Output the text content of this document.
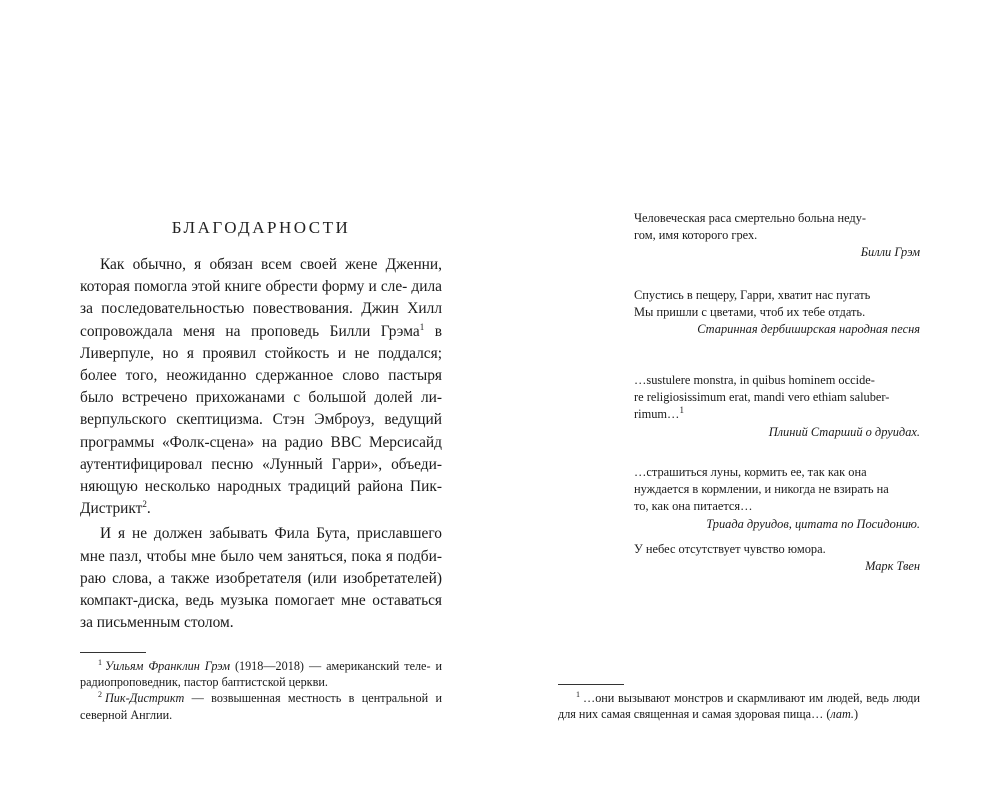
БЛАГОДАРНОСТИ

Как обычно, я обязан всем своей жене Дженни, которая помогла этой книге обрести форму и сле- дила за последовательностью повествования. Джин Хилл сопровождала меня на проповедь Билли Грэма$^1$ в Ливерпуле, но я проявил стойкость и не поддался; более того, неожиданно сдержанное слово пастыря было встречено прихожанами с большой долей ли- верпульского скептицизма. Стэн Эмброуз, ведущий программы «Фолк-сцена» на радио BBC Мерсисайд аутентифицировал песню «Лунный Гарри», объеди- няющую несколько народных традиций района Пик- Дистрикт$^2$.

И я не должен забывать Фила Бута, приславшего мне пазл, чтобы мне было чем заняться, пока я подби- раю слова, а также изобретателя (или изобретателей) компакт-диска, ведь музыка помогает мне оставаться за письменным столом.

$^1$ Уильям Франклин Грэм (1918—2018) — американский теле- и радиопроповедник, пастор баптистской церкви.

$^2$ Пик-Дистрикт — возвышенная местность в центральной и северной Англии.

Человеческая раса смертельно больна неду-
гом, имя которого грех.

Билли Грэм

Спустись в пещеру, Гарри, хватит нас пугать
Мы пришли с цветами, чтоб их тебе отдать.

Старинная дербиширская народная песня

…sustulere monstra, in quibus hominem occide-
re religiosissimum erat, mandi vero ethiam saluber-
rimum…$^1$

Плиний Старший о друидах.

…страшиться луны, кормить ее, так как она
нуждается в кормлении, и никогда не взирать на
то, как она питается…

Триада друидов, цитата по Посидонию.

У небес отсутствует чувство юмора.

Марк Твен

$^1$ …они вызывают монстров и скармливают им людей, ведь люди для них самая священная и самая здоровая пища… (лат.)
